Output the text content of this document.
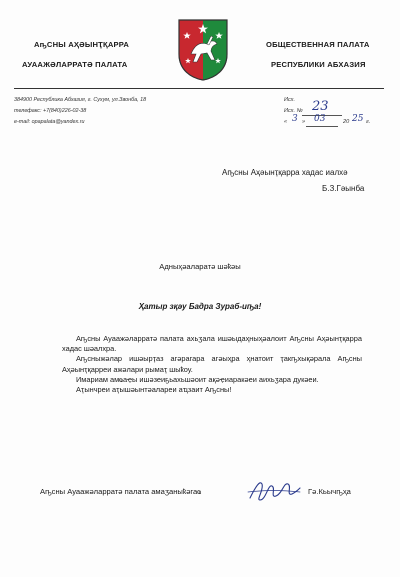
АҧСНЫ АҲӘЫНҬҚАРРА
АУААЖӘЛАРРАТӘ ПАЛАТА
ОБЩЕСТВЕННАЯ ПАЛАТА
РЕСПУБЛИКИ АБХАЗИЯ
384900 Республика Абхазия, г. Сухум, ул.Звонба, 18
телефакс: +7(840)226-02-38
e-mail: opapalata@yandex.ru
Исх.
Исх. № 23
« 3 » 03	20 25 г.
Аҧсны Аҳәынҭқарра хадас иалхә
Б.З.Гәынба
Адныҳәаларатә шәҟәы
Ҳатыр зқәу Бадра Зураб-иҧа!

Аҧсны Ауаажәларратә палата ахьӡала ишәыдаҳныҳәалоит Аҧсны Аҳәынҭқарра хадас шәалхра.

Аҧсныжәлар ишәырҭаз агәрагара агәыҳра ҳнатоит ҭакҧхықәрала Аҧсны Аҳәынҭқарреи ажәлари рымаҭ шыҟоу.

Имариам амҩаҿы ишәзеиҕьахьшәоит ақәҿиаракәеи аихьӡара дукәеи.

Аҭынчреи аҭышәынтәалареи аҵзаит Аҧсны!

Аҧсны Ауаажәларратә палата амаӡаныҟәгаҩ	Гә.Кьычҧҳа
